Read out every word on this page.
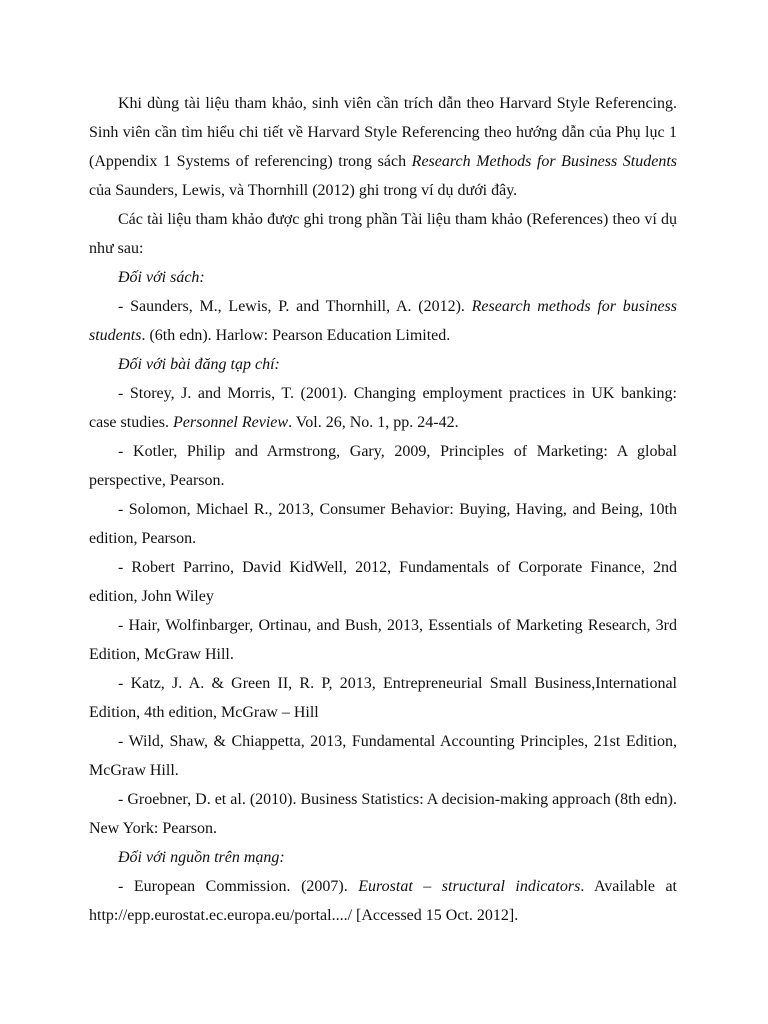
Khi dùng tài liệu tham khảo, sinh viên cần trích dẫn theo Harvard Style Referencing. Sinh viên cần tìm hiểu chi tiết về Harvard Style Referencing theo hướng dẫn của Phụ lục 1 (Appendix 1 Systems of referencing) trong sách Research Methods for Business Students của Saunders, Lewis, và Thornhill (2012) ghi trong ví dụ dưới đây.

Các tài liệu tham khảo được ghi trong phần Tài liệu tham khảo (References) theo ví dụ như sau:

Đối với sách:

- Saunders, M., Lewis, P. and Thornhill, A. (2012). Research methods for business students. (6th edn). Harlow: Pearson Education Limited.

Đối với bài đăng tạp chí:

- Storey, J. and Morris, T. (2001). Changing employment practices in UK banking: case studies. Personnel Review. Vol. 26, No. 1, pp. 24-42.

- Kotler, Philip and Armstrong, Gary, 2009, Principles of Marketing: A global perspective, Pearson.

- Solomon, Michael R., 2013, Consumer Behavior: Buying, Having, and Being, 10th edition, Pearson.

- Robert Parrino, David KidWell, 2012, Fundamentals of Corporate Finance, 2nd edition, John Wiley

- Hair, Wolfinbarger, Ortinau, and Bush, 2013, Essentials of Marketing Research, 3rd Edition, McGraw Hill.

- Katz, J. A. & Green II, R. P, 2013, Entrepreneurial Small Business,International Edition, 4th edition, McGraw – Hill

- Wild, Shaw, & Chiappetta, 2013, Fundamental Accounting Principles, 21st Edition, McGraw Hill.

- Groebner, D. et al. (2010). Business Statistics: A decision-making approach (8th edn). New York: Pearson.

Đối với nguồn trên mạng:

- European Commission. (2007). Eurostat – structural indicators. Available at http://epp.eurostat.ec.europa.eu/portal..../ [Accessed 15 Oct. 2012].
